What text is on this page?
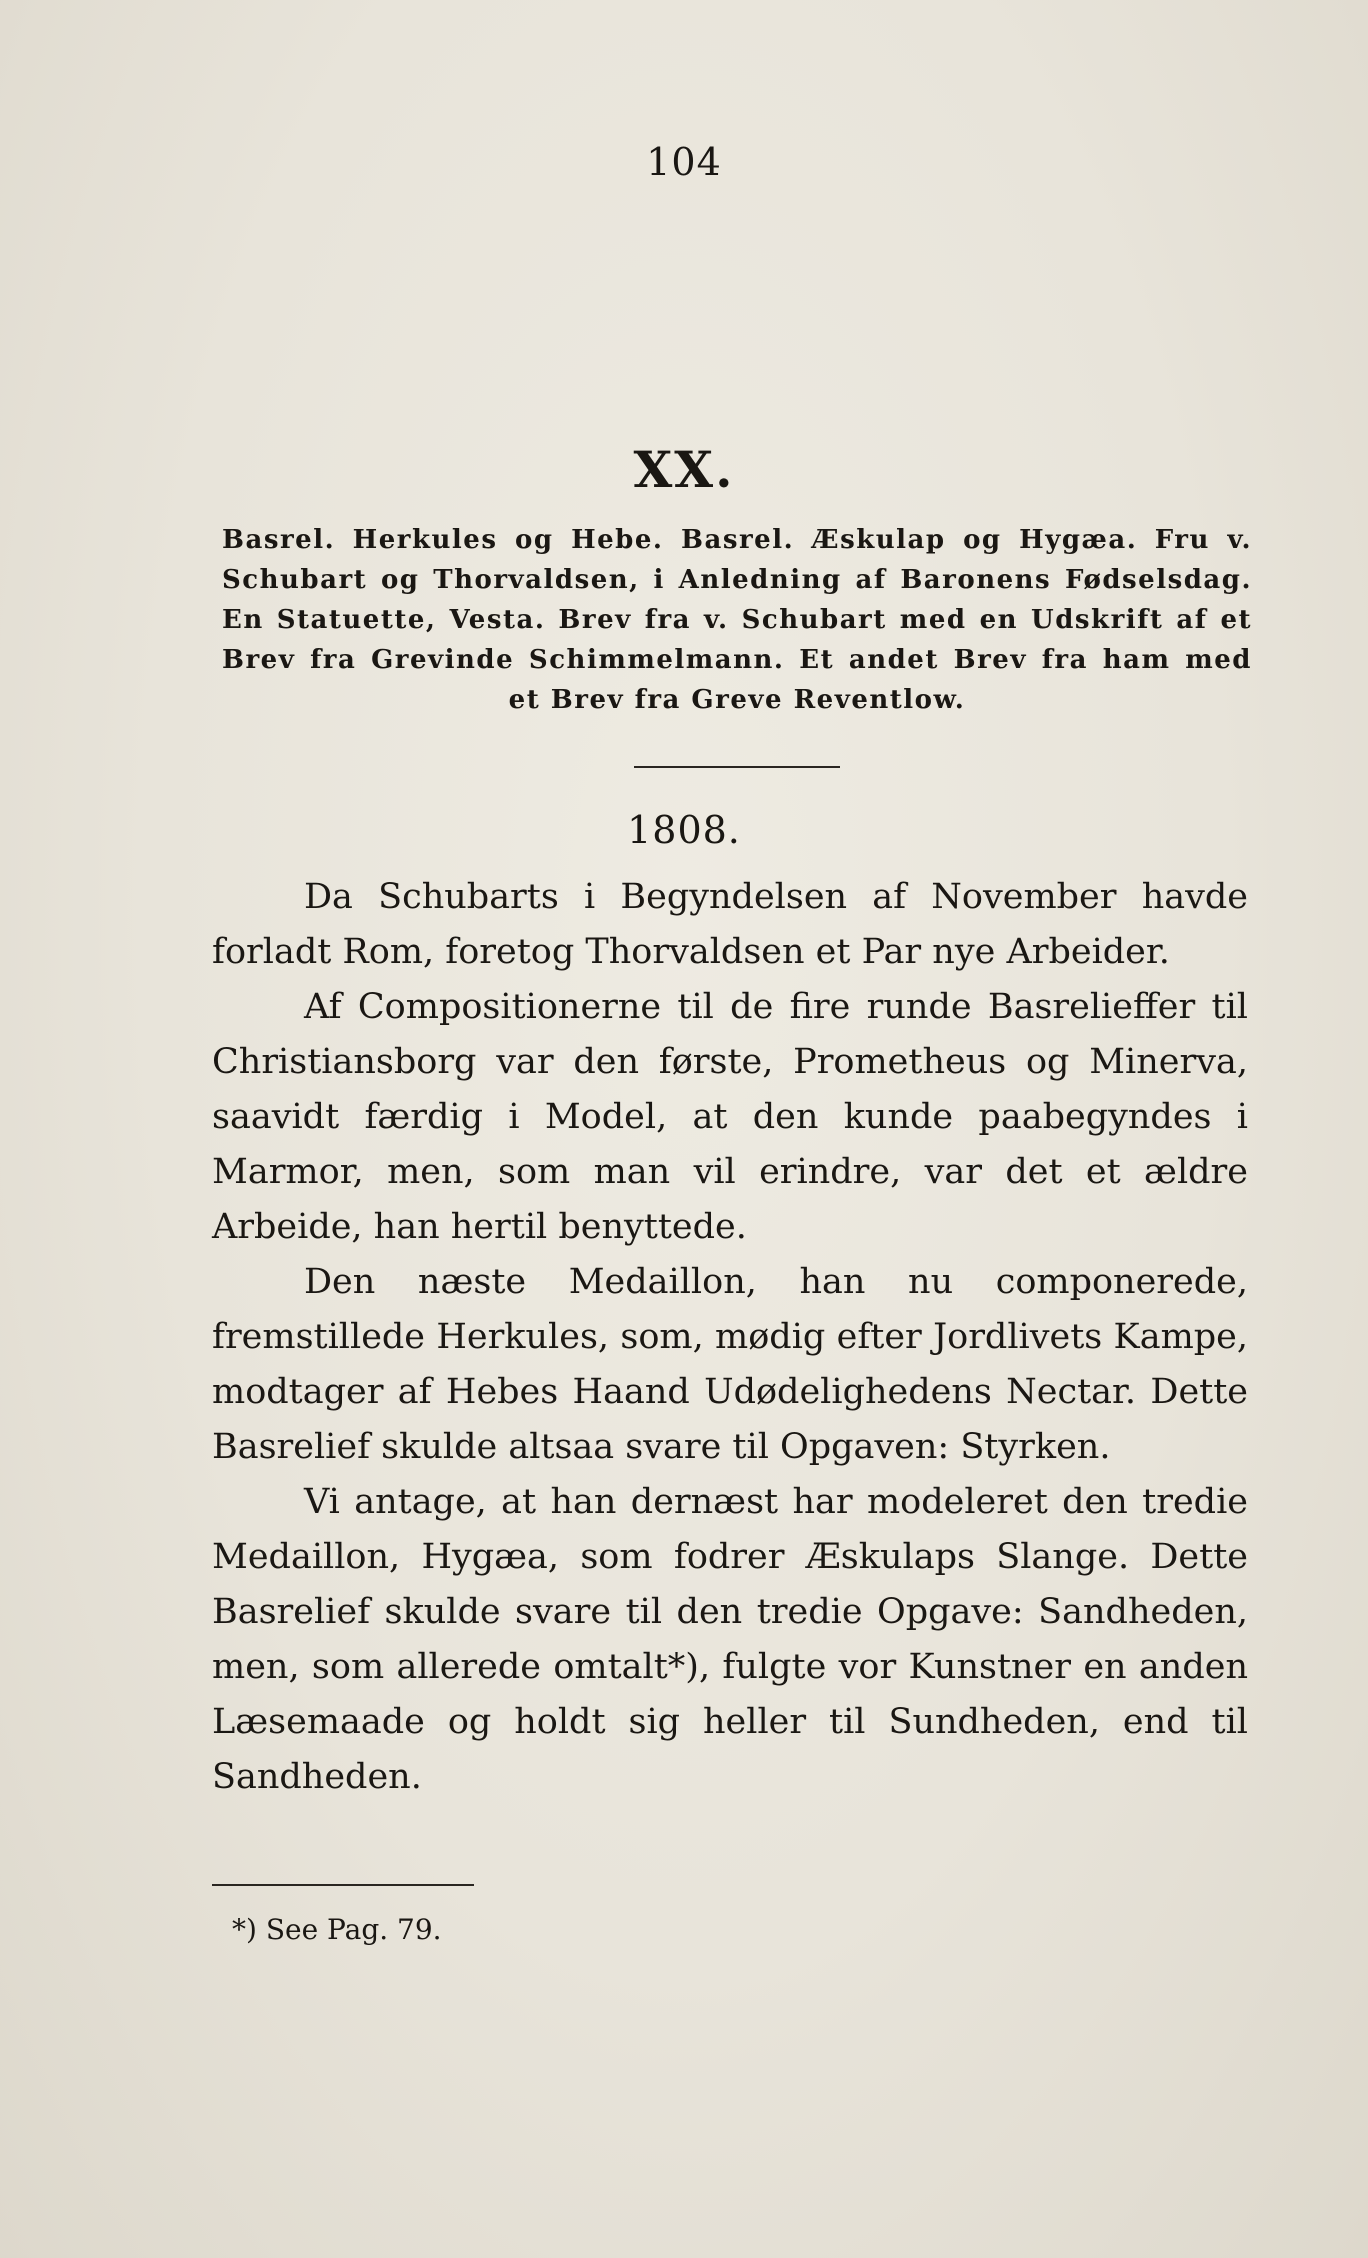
104
XX.
Basrel. Herkules og Hebe. Basrel. Æskulap og Hygæa. Fru v. Schubart og Thorvaldsen, i Anledning af Baronens Fødselsdag. En Statuette, Vesta. Brev fra v. Schubart med en Udskrift af et Brev fra Grevinde Schimmelmann. Et andet Brev fra ham med et Brev fra Greve Reventlow.
1808.

Da Schubarts i Begyndelsen af November havde forladt Rom, foretog Thorvaldsen et Par nye Arbeider.

Af Compositionerne til de fire runde Basrelieffer til Christiansborg var den første, Prometheus og Minerva, saavidt færdig i Model, at den kunde paabegyndes i Marmor, men, som man vil erindre, var det et ældre Arbeide, han hertil benyttede.

Den næste Medaillon, han nu componerede, fremstillede Herkules, som, mødig efter Jordlivets Kampe, modtager af Hebes Haand Udødelighedens Nectar. Dette Basrelief skulde altsaa svare til Opgaven: Styrken.

Vi antage, at han dernæst har modeleret den tredie Medaillon, Hygæa, som fodrer Æskulaps Slange. Dette Basrelief skulde svare til den tredie Opgave: Sandheden, men, som allerede omtalt*), fulgte vor Kunstner en anden Læsemaade og holdt sig heller til Sundheden, end til Sandheden.

*) See Pag. 79.
